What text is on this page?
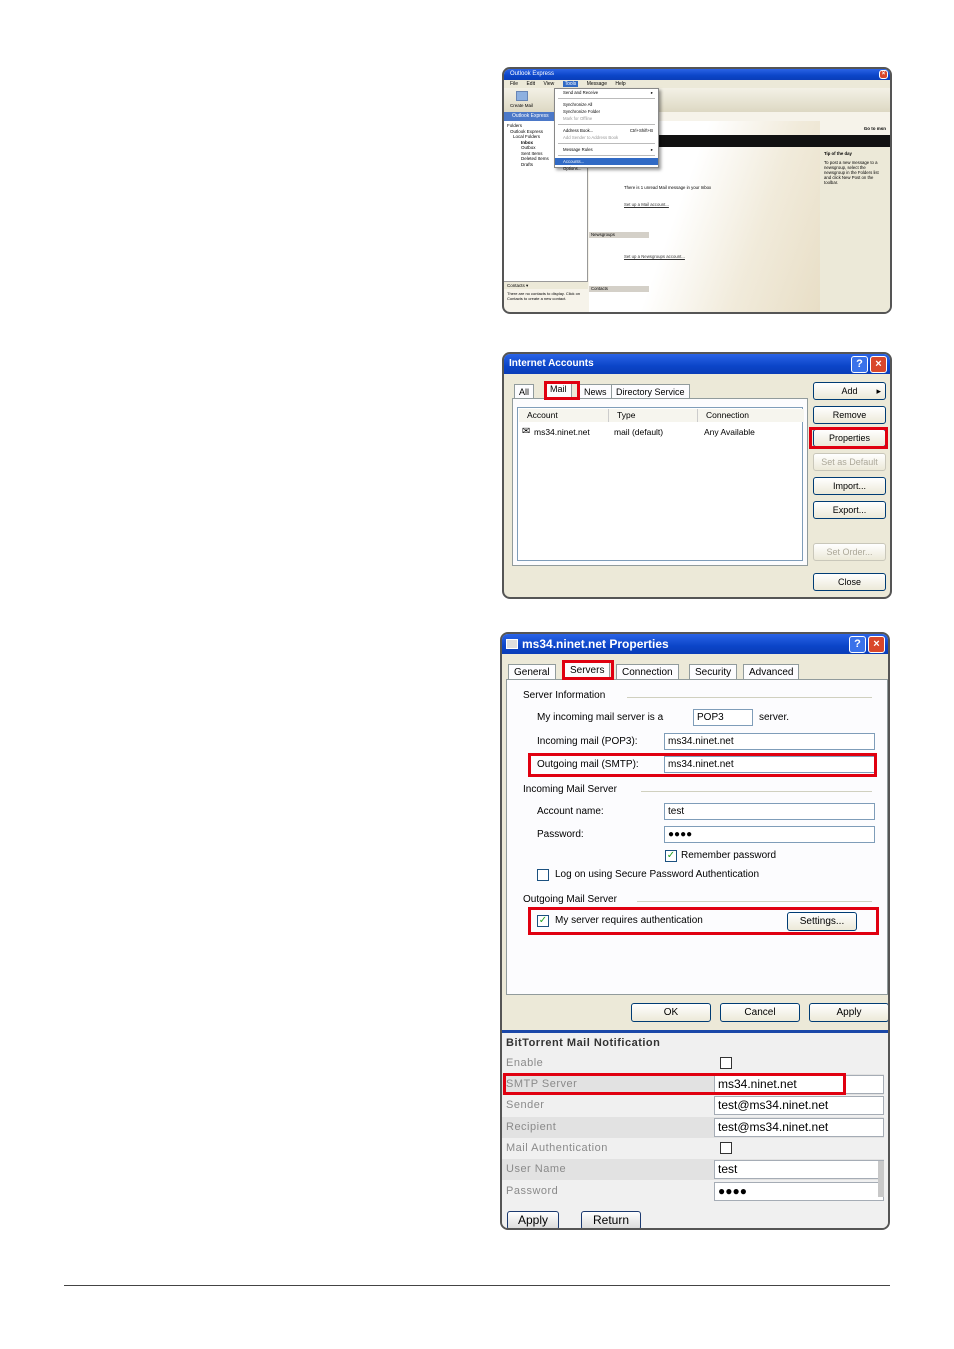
Outlook Express	×
File Edit View Tools Message Help
Create Mail
Outlook Express
Folders
Outlook Express
Local Folders
Inbox
Outbox
Sent Items
Deleted Items
Drafts
Contacts ▾
There are no contacts to display. Click on Contacts to create a new contact.
Go to msn
Tip of the day
To post a new message to a newsgroup, select the newsgroup in the Folders list and click New Post on the toolbar.
There is 1 unread Mail message in your Inbox
Set up a Mail account...
Newsgroups
Set up a Newsgroups account...
Contacts
Send and Receive	▸
Synchronize All
Synchronize Folder
Mark for Offline
Address Book...	Ctrl+Shift+B
Add Sender to Address Book
Message Rules	▸
Accounts...
Options...
Internet Accounts	?	×
All	Mail	News	Directory Service
Account	Type	Connection
✉ ms34.ninet.net	mail (default)	Any Available
Add ▸
Remove
Properties
Set as Default
Import...
Export...
Set Order...
Close
ms34.ninet.net Properties	?	×
General	Servers	Connection	Security	Advanced
Server Information
My incoming mail server is a	POP3	server.
Incoming mail (POP3):	ms34.ninet.net
Outgoing mail (SMTP):	ms34.ninet.net
Incoming Mail Server
Account name:	test
Password:	●●●●
✓ Remember password
Log on using Secure Password Authentication
Outgoing Mail Server
✓ My server requires authentication	Settings...
OK	Cancel	Apply
BitTorrent Mail Notification
Enable
SMTP Server	ms34.ninet.net
Sender	test@ms34.ninet.net
Recipient	test@ms34.ninet.net
Mail Authentication
User Name	test
Password	●●●●
Apply	Return
